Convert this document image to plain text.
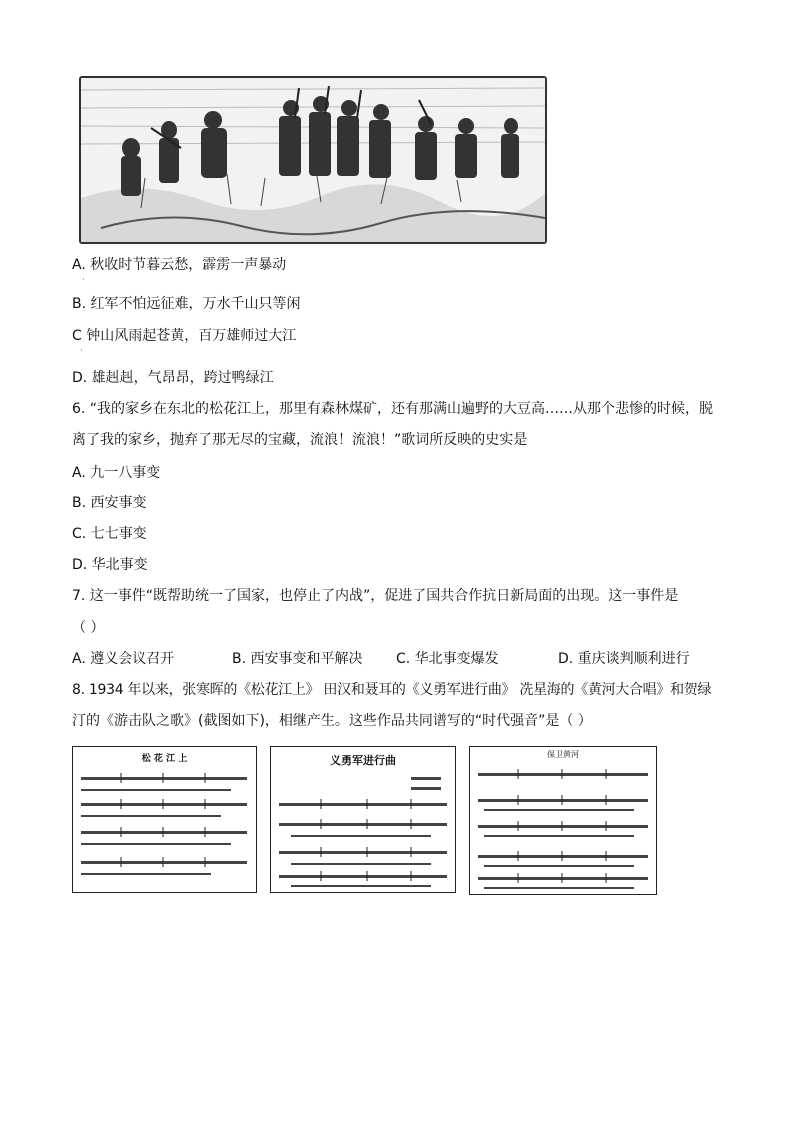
A. 秋收时节暮云愁，霹雳一声暴动
·
B. 红军不怕远征难，万水千山只等闲
C 钟山风雨起苍黄，百万雄师过大江
·
D. 雄赳赳，气昂昂，跨过鸭绿江
6. “我的家乡在东北的松花江上，那里有森林煤矿，还有那满山遍野的大豆高……从那个悲惨的时候，脱
离了我的家乡，抛弃了那无尽的宝藏，流浪！流浪！”歌词所反映的史实是
A. 九一八事变
B. 西安事变
C. 七七事变
D. 华北事变
7. 这一事件“既帮助统一了国家，也停止了内战”，促进了国共合作抗日新局面的出现。这一事件是
（ ）
A. 遵义会议召开	B. 西安事变和平解决 C. 华北事变爆发	D. 重庆谈判顺利进行
8. 1934 年以来，张寒晖的《松花江上》 田汉和聂耳的《义勇军进行曲》 冼星海的《黄河大合唱》和贺绿
汀的《游击队之歌》(截图如下)，相继产生。这些作品共同谱写的“时代强音”是（ ）
松 花 江 上	义勇军进行曲	保卫黄河
